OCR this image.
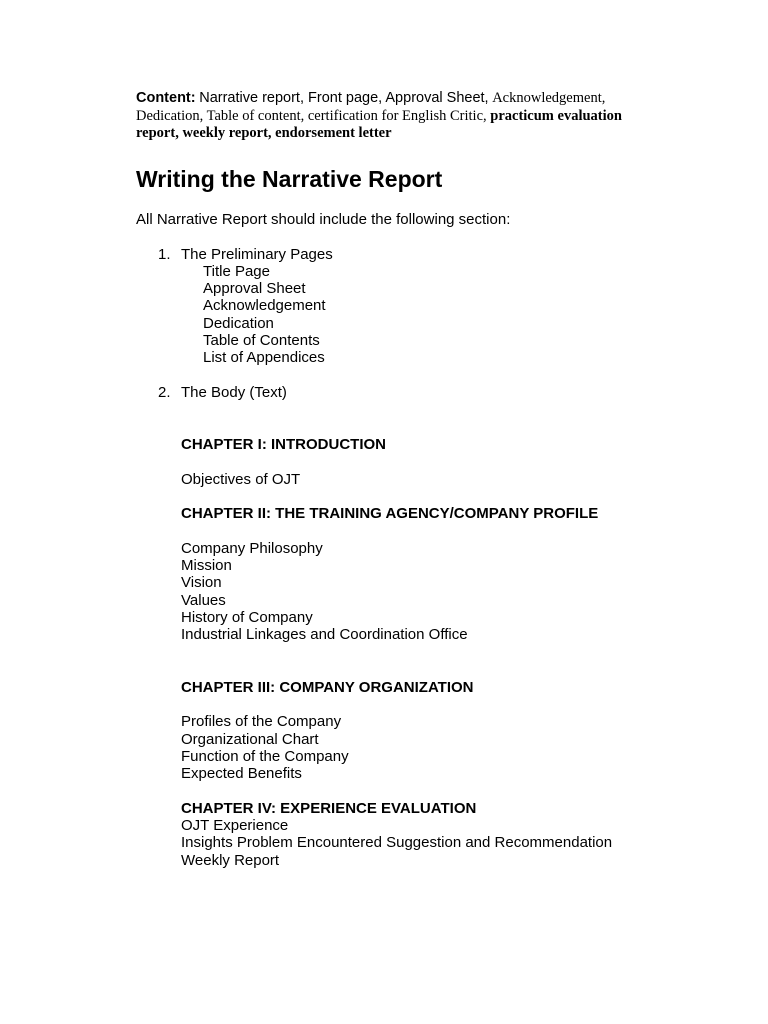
Content: Narrative report, Front page, Approval Sheet, Acknowledgement,

Dedication, Table of content, certification for English Critic, practicum evaluation

report, weekly report, endorsement letter

Writing the Narrative Report

All Narrative Report should include the following section:

1. The Preliminary Pages

Title Page

Approval Sheet

Acknowledgement

Dedication

Table of Contents

List of Appendices

2. The Body (Text)

CHAPTER I: INTRODUCTION

Objectives of OJT

CHAPTER II: THE TRAINING AGENCY/COMPANY PROFILE

Company Philosophy

Mission

Vision

Values

History of Company

Industrial Linkages and Coordination Office

CHAPTER III: COMPANY ORGANIZATION

Profiles of the Company

Organizational Chart

Function of the Company

Expected Benefits

CHAPTER IV: EXPERIENCE EVALUATION

OJT Experience

Insights Problem Encountered Suggestion and Recommendation

Weekly Report
